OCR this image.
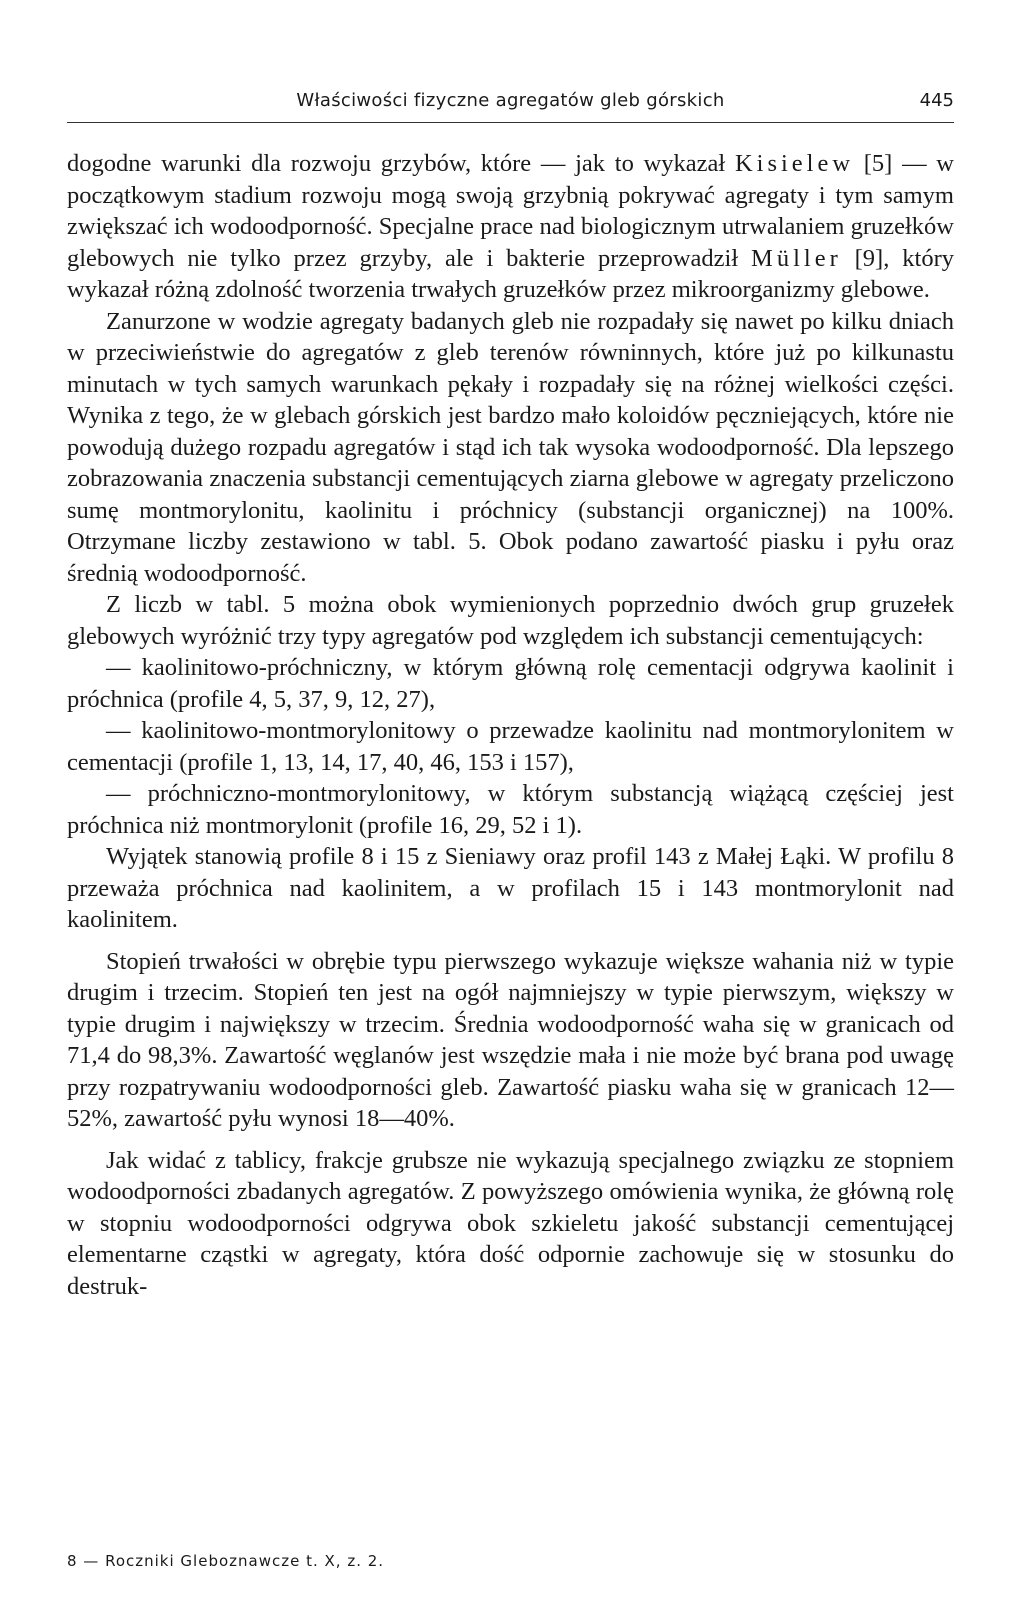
Właściwości fizyczne agregatów gleb górskich	445

dogodne warunki dla rozwoju grzybów, które — jak to wykazał Kisielew [5] — w początkowym stadium rozwoju mogą swoją grzybnią pokrywać agregaty i tym samym zwiększać ich wodoodporność. Specjalne prace nad biologicznym utrwalaniem gruzełków glebowych nie tylko przez grzyby, ale i bakterie przeprowadził Müller [9], który wykazał różną zdolność tworzenia trwałych gruzełków przez mikroorganizmy glebowe.

Zanurzone w wodzie agregaty badanych gleb nie rozpadały się nawet po kilku dniach w przeciwieństwie do agregatów z gleb terenów równinnych, które już po kilkunastu minutach w tych samych warunkach pękały i rozpadały się na różnej wielkości części. Wynika z tego, że w glebach górskich jest bardzo mało koloidów pęczniejących, które nie powodują dużego rozpadu agregatów i stąd ich tak wysoka wodoodporność. Dla lepszego zobrazowania znaczenia substancji cementujących ziarna glebowe w agregaty przeliczono sumę montmorylonitu, kaolinitu i próchnicy (substancji organicznej) na 100%. Otrzymane liczby zestawiono w tabl. 5. Obok podano zawartość piasku i pyłu oraz średnią wodoodporność.

Z liczb w tabl. 5 można obok wymienionych poprzednio dwóch grup gruzełek glebowych wyróżnić trzy typy agregatów pod względem ich substancji cementujących:

— kaolinitowo-próchniczny, w którym główną rolę cementacji odgrywa kaolinit i próchnica (profile 4, 5, 37, 9, 12, 27),

— kaolinitowo-montmorylonitowy o przewadze kaolinitu nad montmorylonitem w cementacji (profile 1, 13, 14, 17, 40, 46, 153 i 157),

— próchniczno-montmorylonitowy, w którym substancją wiążącą częściej jest próchnica niż montmorylonit (profile 16, 29, 52 i 1).

Wyjątek stanowią profile 8 i 15 z Sieniawy oraz profil 143 z Małej Łąki. W profilu 8 przeważa próchnica nad kaolinitem, a w profilach 15 i 143 montmorylonit nad kaolinitem.

Stopień trwałości w obrębie typu pierwszego wykazuje większe wahania niż w typie drugim i trzecim. Stopień ten jest na ogół najmniejszy w typie pierwszym, większy w typie drugim i największy w trzecim. Średnia wodoodporność waha się w granicach od 71,4 do 98,3%. Zawartość węglanów jest wszędzie mała i nie może być brana pod uwagę przy rozpatrywaniu wodoodporności gleb. Zawartość piasku waha się w granicach 12—52%, zawartość pyłu wynosi 18—40%.

Jak widać z tablicy, frakcje grubsze nie wykazują specjalnego związku ze stopniem wodoodporności zbadanych agregatów. Z powyższego omówienia wynika, że główną rolę w stopniu wodoodporności odgrywa obok szkieletu jakość substancji cementującej elementarne cząstki w agregaty, która dość odpornie zachowuje się w stosunku do destruk-

8 — Roczniki Gleboznawcze t. X, z. 2.
